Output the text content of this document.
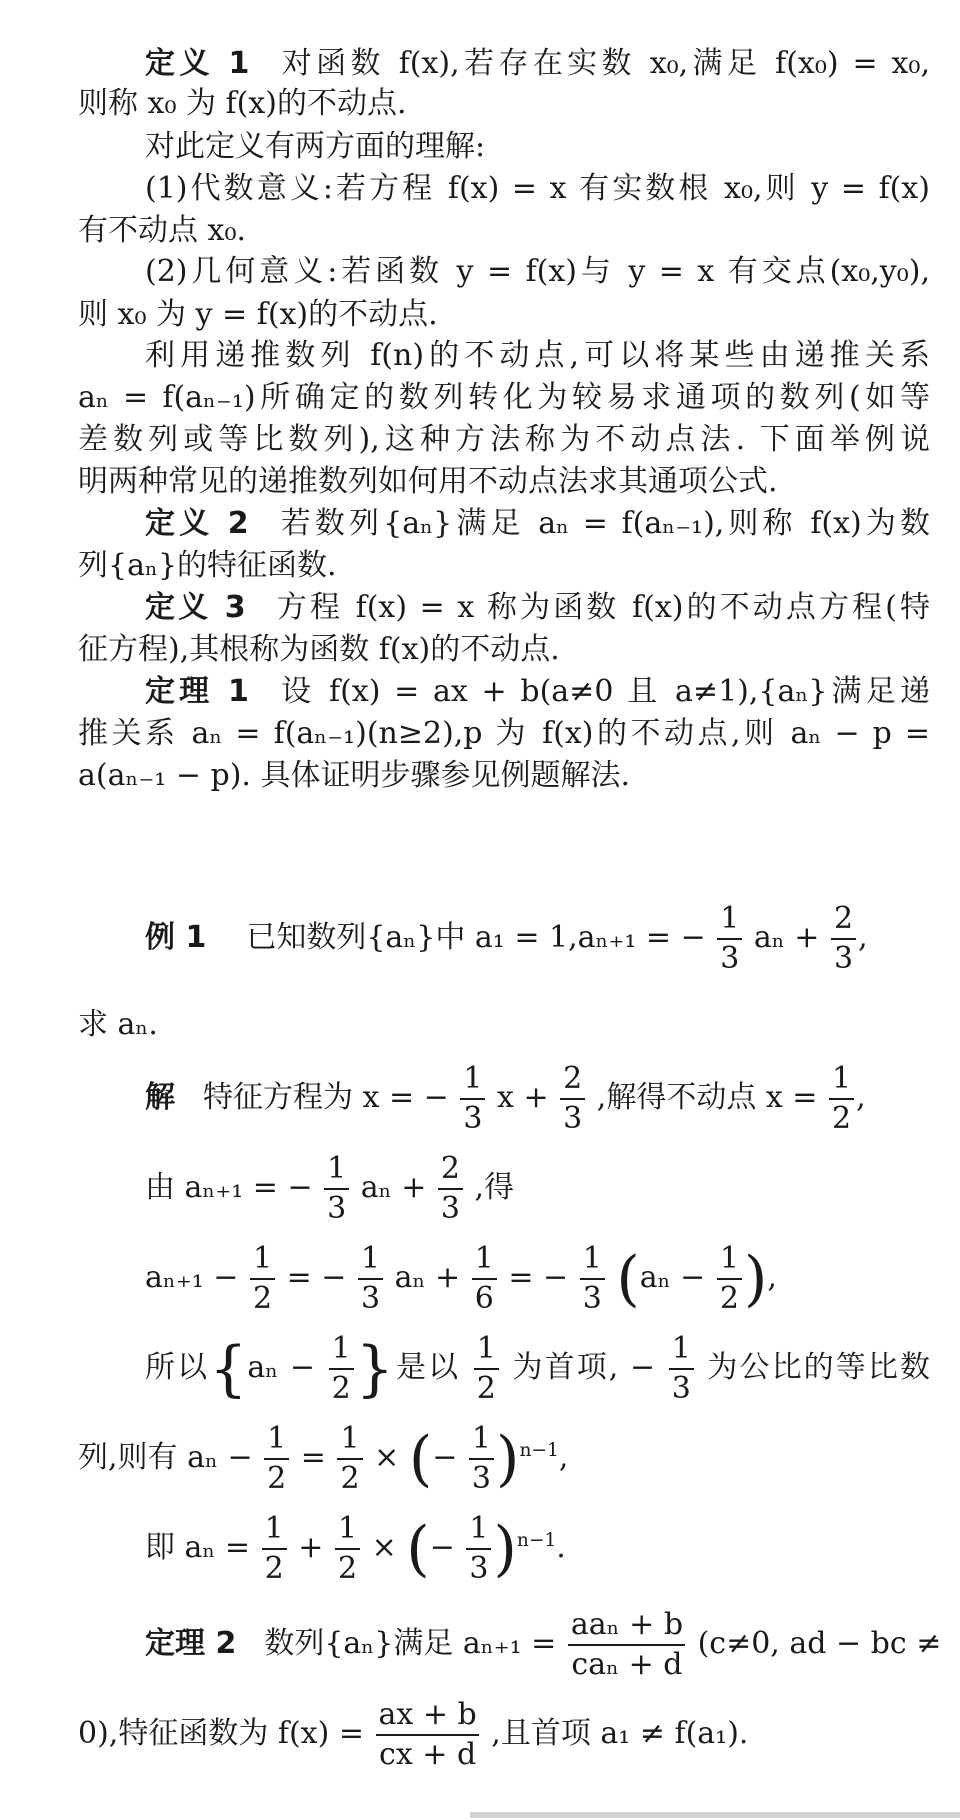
定义 1 对函数 f(x),若存在实数 x₀,满足 f(x₀) = x₀,
则称 x₀ 为 f(x)的不动点.
对此定义有两方面的理解:
(1)代数意义:若方程 f(x) = x 有实数根 x₀,则 y = f(x)
有不动点 x₀.
(2)几何意义:若函数 y = f(x)与 y = x 有交点(x₀,y₀),
则 x₀ 为 y = f(x)的不动点.
利用递推数列 f(n)的不动点,可以将某些由递推关系
aₙ = f(aₙ₋₁)所确定的数列转化为较易求通项的数列(如等
差数列或等比数列),这种方法称为不动点法. 下面举例说
明两种常见的递推数列如何用不动点法求其通项公式.
定义 2 若数列{aₙ}满足 aₙ = f(aₙ₋₁),则称 f(x)为数
列{aₙ}的特征函数.
定义 3 方程 f(x) = x 称为函数 f(x)的不动点方程(特
征方程),其根称为函数 f(x)的不动点.
定理 1 设 f(x) = ax + b(a≠0 且 a≠1),{aₙ}满足递
推关系 aₙ = f(aₙ₋₁)(n≥2),p 为 f(x)的不动点,则 aₙ − p =
a(aₙ₋₁ − p). 具体证明步骤参见例题解法.
例 1 已知数列{aₙ}中 a₁ = 1,aₙ₊₁ = − $\frac{1}{3}$ $a_n + \frac{2}{3}$ ,
求 aₙ.
解 特征方程为 x = − $\frac{1}{3}$ $x + \frac{2}{3}$ ,解得不动点 $x = \frac{1}{2}$ ,
由 aₙ₊₁ = − $\frac{1}{3}$ $a_n + \frac{2}{3}$ ,得
$a_{n+1} - \frac{1}{2}$ = − $\frac{1}{3}$ $a_n + \frac{1}{6}$ = − $\frac{1}{3} (a_n - \frac{1}{2}$ ),
所以{$a_n - \frac{1}{2}$ }是以 $\frac{1}{2}$ 为首项, − $\frac{1}{3}$ 为公比的等比数
列,则有 $a_n - \frac{1}{2} = \frac{1}{2}$ × (− $\frac{1}{3} )^{n-1}$,
即 $a_n = \frac{1}{2} + \frac{1}{2}$ × (− $\frac{1}{3} )^{n-1}$.
定理 2 数列{aₙ}满足 $a_{n+1} = \frac{\text{aaₙ + b}}{\text{caₙ + d}} (c\ne 0$, ad − bc ≠
0),特征函数为 $f(x) = \frac{ax + b}{cx + d}$ ,且首项 a₁ ≠ f(a₁).
